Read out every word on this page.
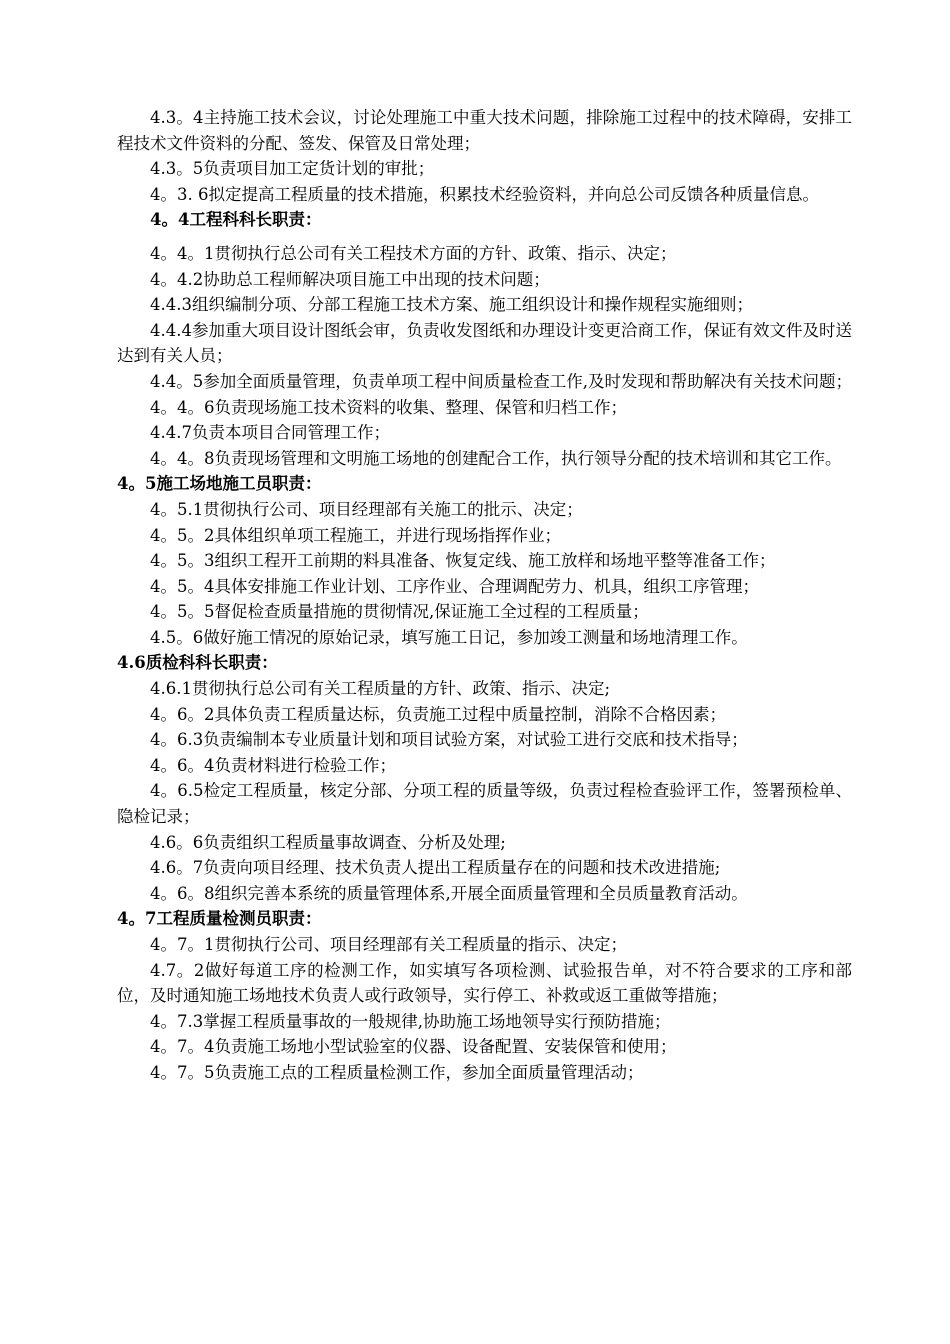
4.3。4主持施工技术会议，讨论处理施工中重大技术问题，排除施工过程中的技术障碍，安排工程技术文件资料的分配、签发、保管及日常处理；

4.3。5负责项目加工定货计划的审批；

4。3. 6拟定提高工程质量的技术措施，积累技术经验资料，并向总公司反馈各种质量信息。

4。4工程科科长职责：

4。4。1贯彻执行总公司有关工程技术方面的方针、政策、指示、决定；

4。4.2协助总工程师解决项目施工中出现的技术问题；

4.4.3组织编制分项、分部工程施工技术方案、施工组织设计和操作规程实施细则；

4.4.4参加重大项目设计图纸会审，负责收发图纸和办理设计变更洽商工作，保证有效文件及时送达到有关人员；

4.4。5参加全面质量管理，负责单项工程中间质量检查工作,及时发现和帮助解决有关技术问题；

4。4。6负责现场施工技术资料的收集、整理、保管和归档工作；

4.4.7负责本项目合同管理工作；

4。4。8负责现场管理和文明施工场地的创建配合工作，执行领导分配的技术培训和其它工作。

4。5施工场地施工员职责：

4。5.1贯彻执行公司、项目经理部有关施工的批示、决定；

4。5。2具体组织单项工程施工，并进行现场指挥作业；

4。5。3组织工程开工前期的料具准备、恢复定线、施工放样和场地平整等准备工作；

4。5。4具体安排施工作业计划、工序作业、合理调配劳力、机具，组织工序管理；

4。5。5督促检查质量措施的贯彻情况,保证施工全过程的工程质量；

4.5。6做好施工情况的原始记录，填写施工日记，参加竣工测量和场地清理工作。

4.6质检科科长职责：

4.6.1贯彻执行总公司有关工程质量的方针、政策、指示、决定;

4。6。2具体负责工程质量达标，负责施工过程中质量控制，消除不合格因素；

4。6.3负责编制本专业质量计划和项目试验方案，对试验工进行交底和技术指导；

4。6。4负责材料进行检验工作；

4。6.5检定工程质量，核定分部、分项工程的质量等级，负责过程检查验评工作，签署预检单、隐检记录；

4.6。6负责组织工程质量事故调查、分析及处理;

4.6。7负责向项目经理、技术负责人提出工程质量存在的问题和技术改进措施;

4。6。8组织完善本系统的质量管理体系,开展全面质量管理和全员质量教育活动。

4。7工程质量检测员职责：

4。7。1贯彻执行公司、项目经理部有关工程质量的指示、决定；

4.7。2做好每道工序的检测工作，如实填写各项检测、试验报告单，对不符合要求的工序和部位，及时通知施工场地技术负责人或行政领导，实行停工、补救或返工重做等措施；

4。7.3掌握工程质量事故的一般规律,协助施工场地领导实行预防措施；

4。7。4负责施工场地小型试验室的仪器、设备配置、安装保管和使用；

4。7。5负责施工点的工程质量检测工作，参加全面质量管理活动；
